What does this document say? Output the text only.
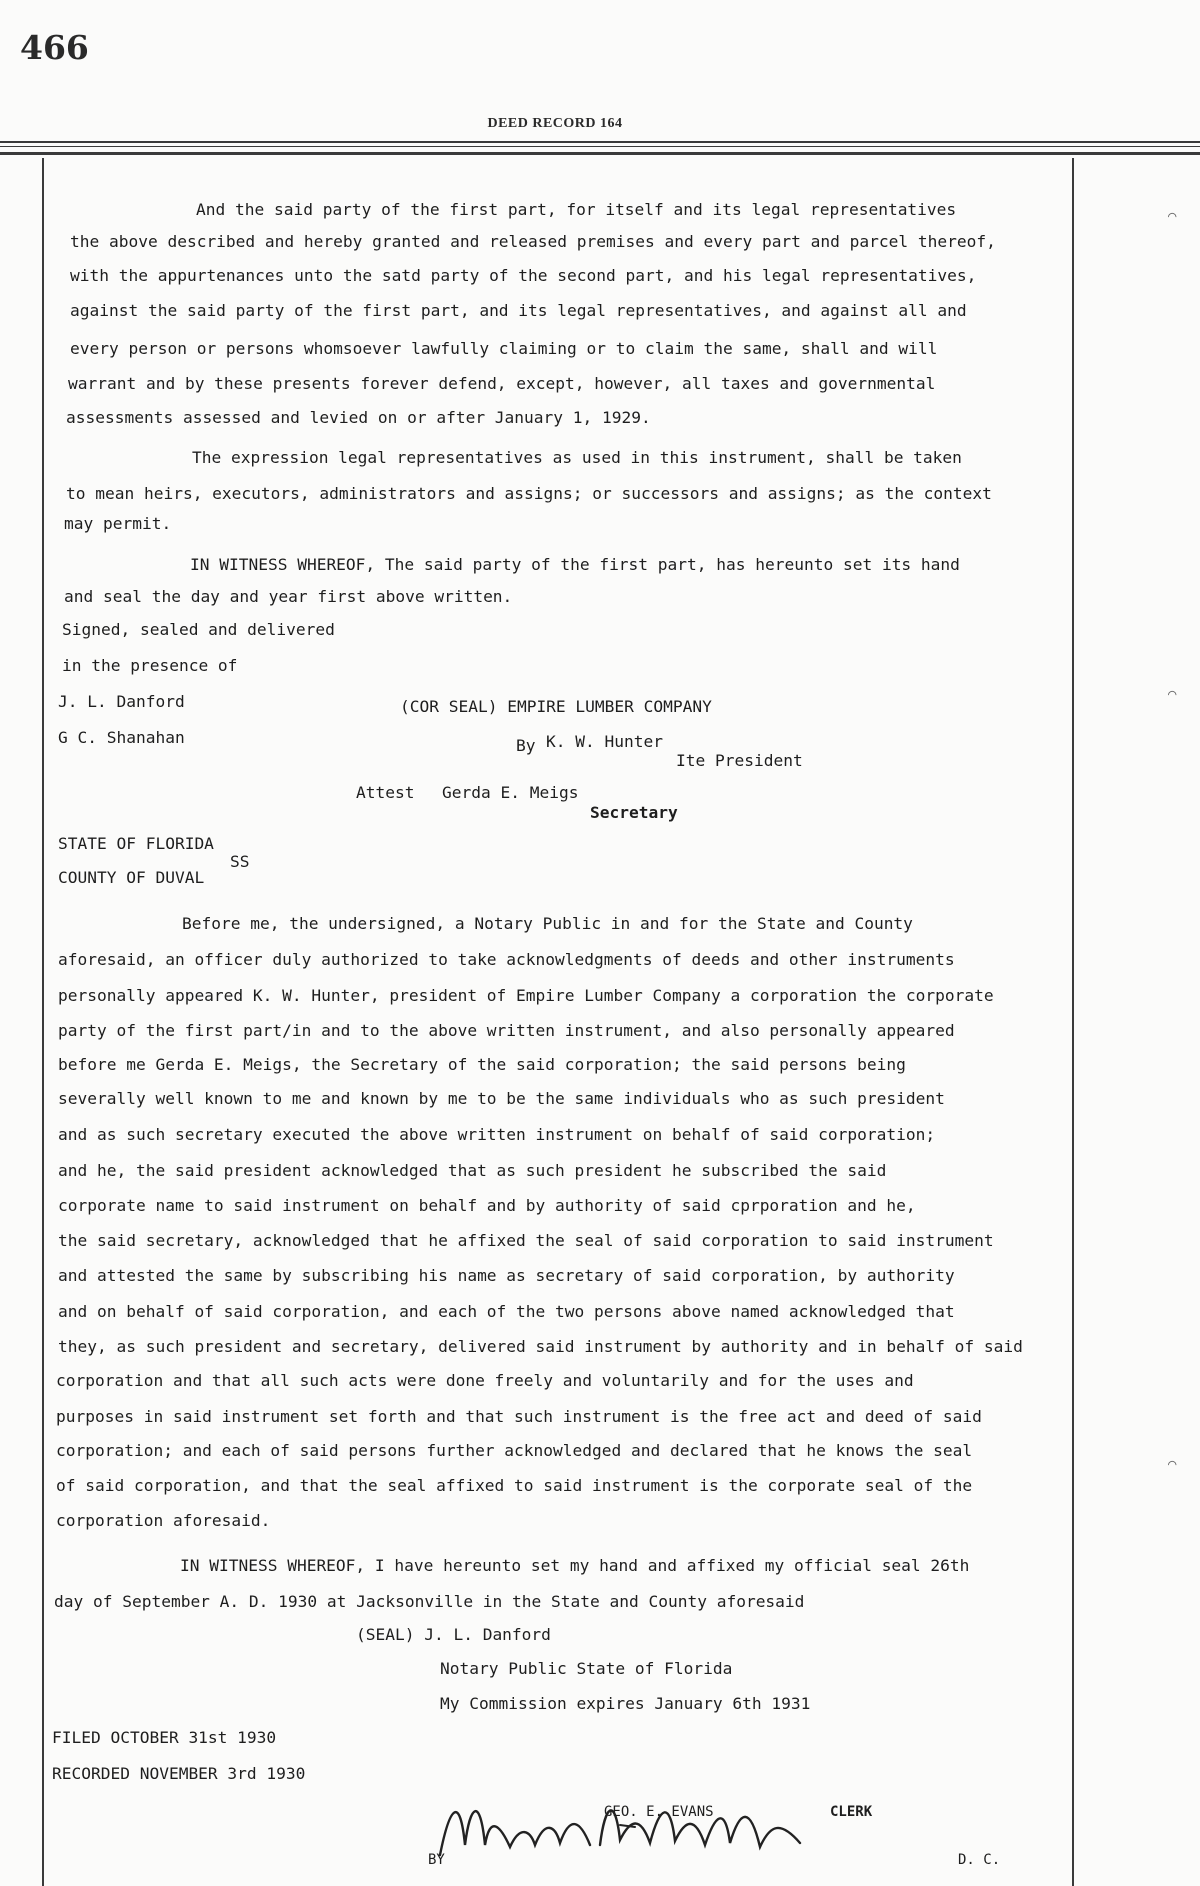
466
DEED RECORD 164
And the said party of the first part, for itself and its legal representatives
the above described and hereby granted and released premises and every part and parcel thereof,
with the appurtenances unto the satd party of the second part, and his legal representatives,
against the said party of the first part, and its legal representatives, and against all and
every person or persons whomsoever lawfully claiming or to claim the same, shall and will
warrant and by these presents forever defend, except, however, all taxes and governmental
assessments assessed and levied on or after January 1, 1929.
The expression legal representatives as used in this instrument, shall be taken
to mean heirs, executors, administrators and assigns; or successors and assigns; as the context
may permit.
IN WITNESS WHEREOF, The said party of the first part, has hereunto set its hand
and seal the day and year first above written.
Signed, sealed and delivered
in the presence of
J. L. Danford	(COR SEAL) EMPIRE LUMBER COMPANY
G C. Shanahan	By K. W. Hunter
Ite President
Attest Gerda E. Meigs
Secretary
STATE OF FLORIDA
SS
COUNTY OF DUVAL
Before me, the undersigned, a Notary Public in and for the State and County
aforesaid, an officer duly authorized to take acknowledgments of deeds and other instruments
personally appeared K. W. Hunter, president of Empire Lumber Company a corporation the corporate
party of the first part/in and to the above written instrument, and also personally appeared
before me Gerda E. Meigs, the Secretary of the said corporation; the said persons being
severally well known to me and known by me to be the same individuals who as such president
and as such secretary executed the above written instrument on behalf of said corporation;
and he, the said president acknowledged that as such president he subscribed the said
corporate name to said instrument on behalf and by authority of said cprporation and he,
the said secretary, acknowledged that he affixed the seal of said corporation to said instrument
and attested the same by subscribing his name as secretary of said corporation, by authority
and on behalf of said corporation, and each of the two persons above named acknowledged that
they, as such president and secretary, delivered said instrument by authority and in behalf of said
corporation and that all such acts were done freely and voluntarily and for the uses and
purposes in said instrument set forth and that such instrument is the free act and deed of said
corporation; and each of said persons further acknowledged and declared that he knows the seal
of said corporation, and that the seal affixed to said instrument is the corporate seal of the
corporation aforesaid.
IN WITNESS WHEREOF, I have hereunto set my hand and affixed my official seal 26th
day of September A. D. 1930 at Jacksonville in the State and County aforesaid
(SEAL) J. L. Danford
Notary Public State of Florida
My Commission expires January 6th 1931
FILED OCTOBER 31st 1930
RECORDED NOVEMBER 3rd 1930
GEO. E. EVANS	CLERK
BY	D. C.
⌒
⌒
⌒
